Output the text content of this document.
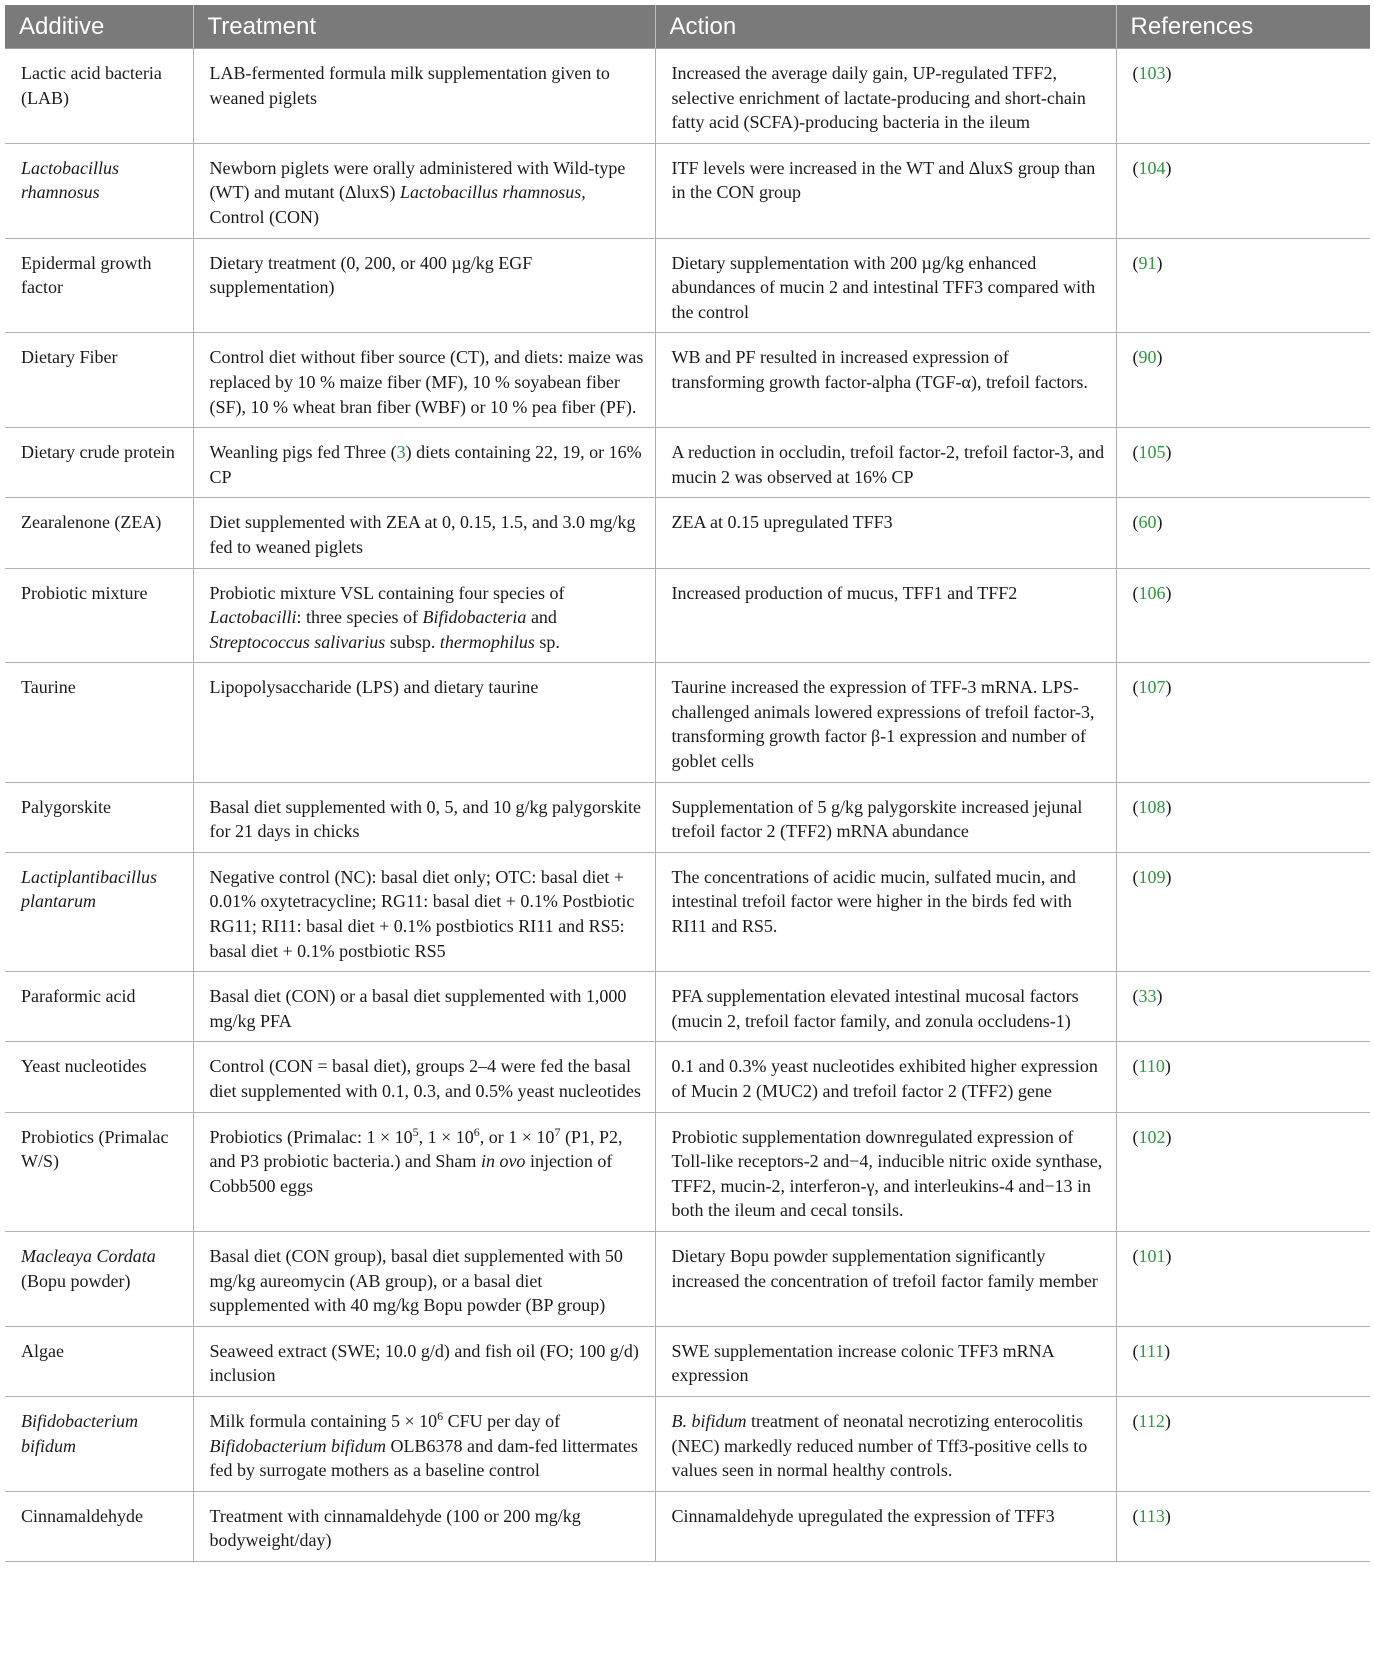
Additive	Treatment	Action	References
Lactic acid bacteria (LAB)	LAB-fermented formula milk supplementation given to weaned piglets	Increased the average daily gain, UP-regulated TFF2, selective enrichment of lactate-producing and short-chain fatty acid (SCFA)-producing bacteria in the ileum	(103)
Lactobacillus rhamnosus	Newborn piglets were orally administered with Wild-type (WT) and mutant (ΔluxS) Lactobacillus rhamnosus, Control (CON)	ITF levels were increased in the WT and ΔluxS group than in the CON group	(104)
Epidermal growth factor	Dietary treatment (0, 200, or 400 µg/kg EGF supplementation)	Dietary supplementation with 200 µg/kg enhanced abundances of mucin 2 and intestinal TFF3 compared with the control	(91)
Dietary Fiber	Control diet without fiber source (CT), and diets: maize was replaced by 10 % maize fiber (MF), 10 % soyabean fiber (SF), 10 % wheat bran fiber (WBF) or 10 % pea fiber (PF).	WB and PF resulted in increased expression of transforming growth factor-alpha (TGF-α), trefoil factors.	(90)
Dietary crude protein	Weanling pigs fed Three (3) diets containing 22, 19, or 16% CP	A reduction in occludin, trefoil factor-2, trefoil factor-3, and mucin 2 was observed at 16% CP	(105)
Zearalenone (ZEA)	Diet supplemented with ZEA at 0, 0.15, 1.5, and 3.0 mg/kg fed to weaned piglets	ZEA at 0.15 upregulated TFF3	(60)
Probiotic mixture	Probiotic mixture VSL containing four species of Lactobacilli: three species of Bifidobacteria and Streptococcus salivarius subsp. thermophilus sp.	Increased production of mucus, TFF1 and TFF2	(106)
Taurine	Lipopolysaccharide (LPS) and dietary taurine	Taurine increased the expression of TFF-3 mRNA. LPS-challenged animals lowered expressions of trefoil factor-3, transforming growth factor β-1 expression and number of goblet cells	(107)
Palygorskite	Basal diet supplemented with 0, 5, and 10 g/kg palygorskite for 21 days in chicks	Supplementation of 5 g/kg palygorskite increased jejunal trefoil factor 2 (TFF2) mRNA abundance	(108)
Lactiplantibacillus plantarum	Negative control (NC): basal diet only; OTC: basal diet + 0.01% oxytetracycline; RG11: basal diet + 0.1% Postbiotic RG11; RI11: basal diet + 0.1% postbiotics RI11 and RS5: basal diet + 0.1% postbiotic RS5	The concentrations of acidic mucin, sulfated mucin, and intestinal trefoil factor were higher in the birds fed with RI11 and RS5.	(109)
Paraformic acid	Basal diet (CON) or a basal diet supplemented with 1,000 mg/kg PFA	PFA supplementation elevated intestinal mucosal factors (mucin 2, trefoil factor family, and zonula occludens-1)	(33)
Yeast nucleotides	Control (CON = basal diet), groups 2–4 were fed the basal diet supplemented with 0.1, 0.3, and 0.5% yeast nucleotides	0.1 and 0.3% yeast nucleotides exhibited higher expression of Mucin 2 (MUC2) and trefoil factor 2 (TFF2) gene	(110)
Probiotics (Primalac W/S)	Probiotics (Primalac: $1 \times 10^5$, $1 \times 10^6$, or $1 \times 10^7$ (P1, P2, and P3 probiotic bacteria.) and Sham in ovo injection of Cobb500 eggs	Probiotic supplementation downregulated expression of Toll-like receptors-2 and−4, inducible nitric oxide synthase, TFF2, mucin-2, interferon-γ, and interleukins-4 and−13 in both the ileum and cecal tonsils.	(102)
Macleaya Cordata (Bopu powder)	Basal diet (CON group), basal diet supplemented with 50 mg/kg aureomycin (AB group), or a basal diet supplemented with 40 mg/kg Bopu powder (BP group)	Dietary Bopu powder supplementation significantly increased the concentration of trefoil factor family member	(101)
Algae	Seaweed extract (SWE; 10.0 g/d) and fish oil (FO; 100 g/d) inclusion	SWE supplementation increase colonic TFF3 mRNA expression	(111)
Bifidobacterium bifidum	Milk formula containing $5 \times 10^6$ CFU per day of Bifidobacterium bifidum OLB6378 and dam-fed littermates fed by surrogate mothers as a baseline control	B. bifidum treatment of neonatal necrotizing enterocolitis (NEC) markedly reduced number of Tff3-positive cells to values seen in normal healthy controls.	(112)
Cinnamaldehyde	Treatment with cinnamaldehyde (100 or 200 mg/kg bodyweight/day)	Cinnamaldehyde upregulated the expression of TFF3	(113)
